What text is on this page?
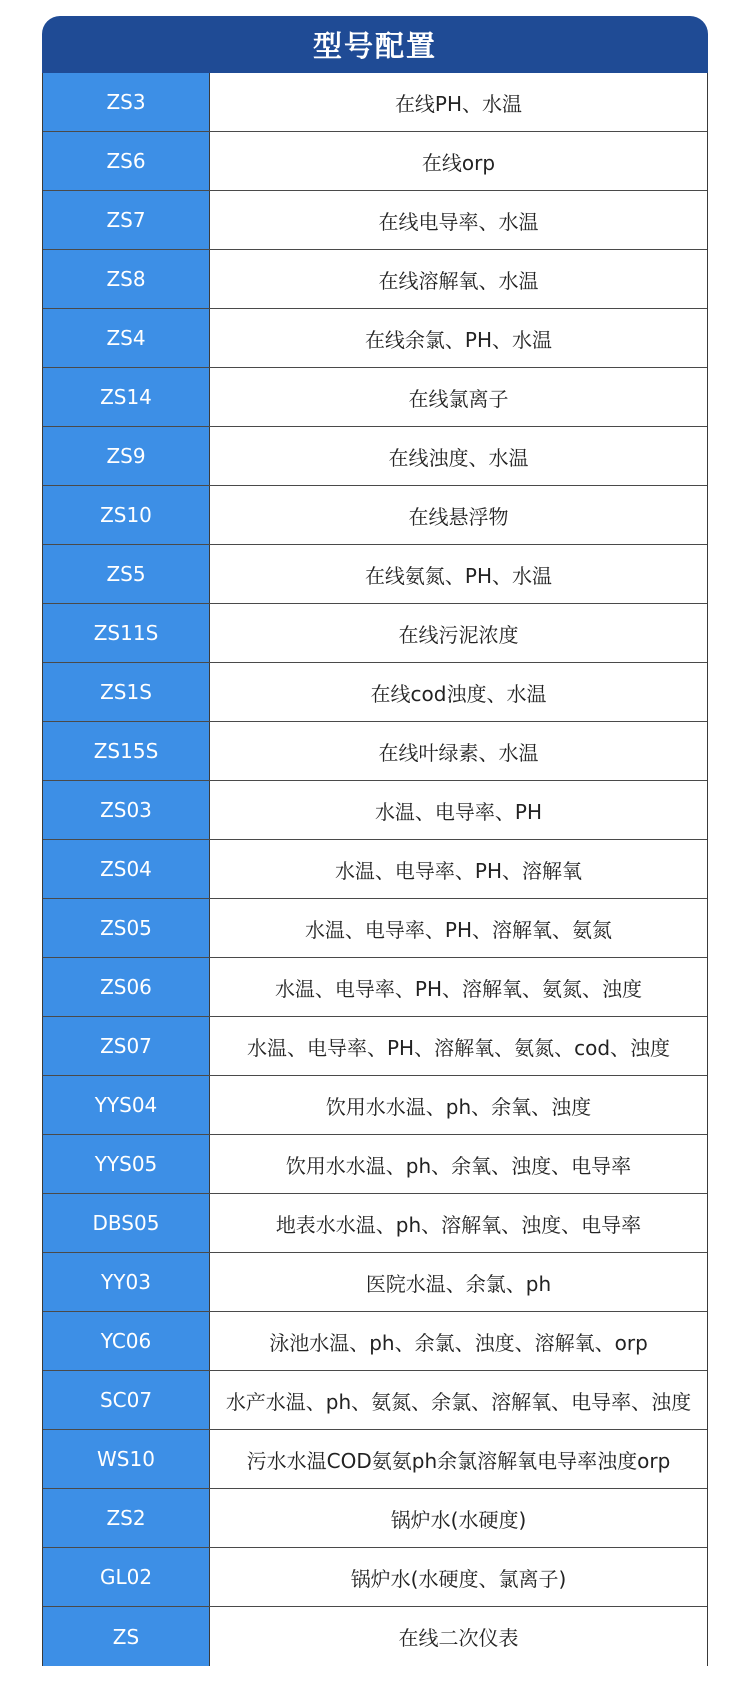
型号配置
ZS3	在线PH、水温
ZS6	在线orp
ZS7	在线电导率、水温
ZS8	在线溶解氧、水温
ZS4	在线余氯、PH、水温
ZS14	在线氯离子
ZS9	在线浊度、水温
ZS10	在线悬浮物
ZS5	在线氨氮、PH、水温
ZS11S	在线污泥浓度
ZS1S	在线cod浊度、水温
ZS15S	在线叶绿素、水温
ZS03	水温、电导率、PH
ZS04	水温、电导率、PH、溶解氧
ZS05	水温、电导率、PH、溶解氧、氨氮
ZS06	水温、电导率、PH、溶解氧、氨氮、浊度
ZS07	水温、电导率、PH、溶解氧、氨氮、cod、浊度
YYS04	饮用水水温、ph、余氧、浊度
YYS05	饮用水水温、ph、余氧、浊度、电导率
DBS05	地表水水温、ph、溶解氧、浊度、电导率
YY03	医院水温、余氯、ph
YC06	泳池水温、ph、余氯、浊度、溶解氧、orp
SC07	水产水温、ph、氨氮、余氯、溶解氧、电导率、浊度
WS10	污水水温COD氨氨ph余氯溶解氧电导率浊度orp
ZS2	锅炉水(水硬度)
GL02	锅炉水(水硬度、氯离子)
ZS	在线二次仪表
